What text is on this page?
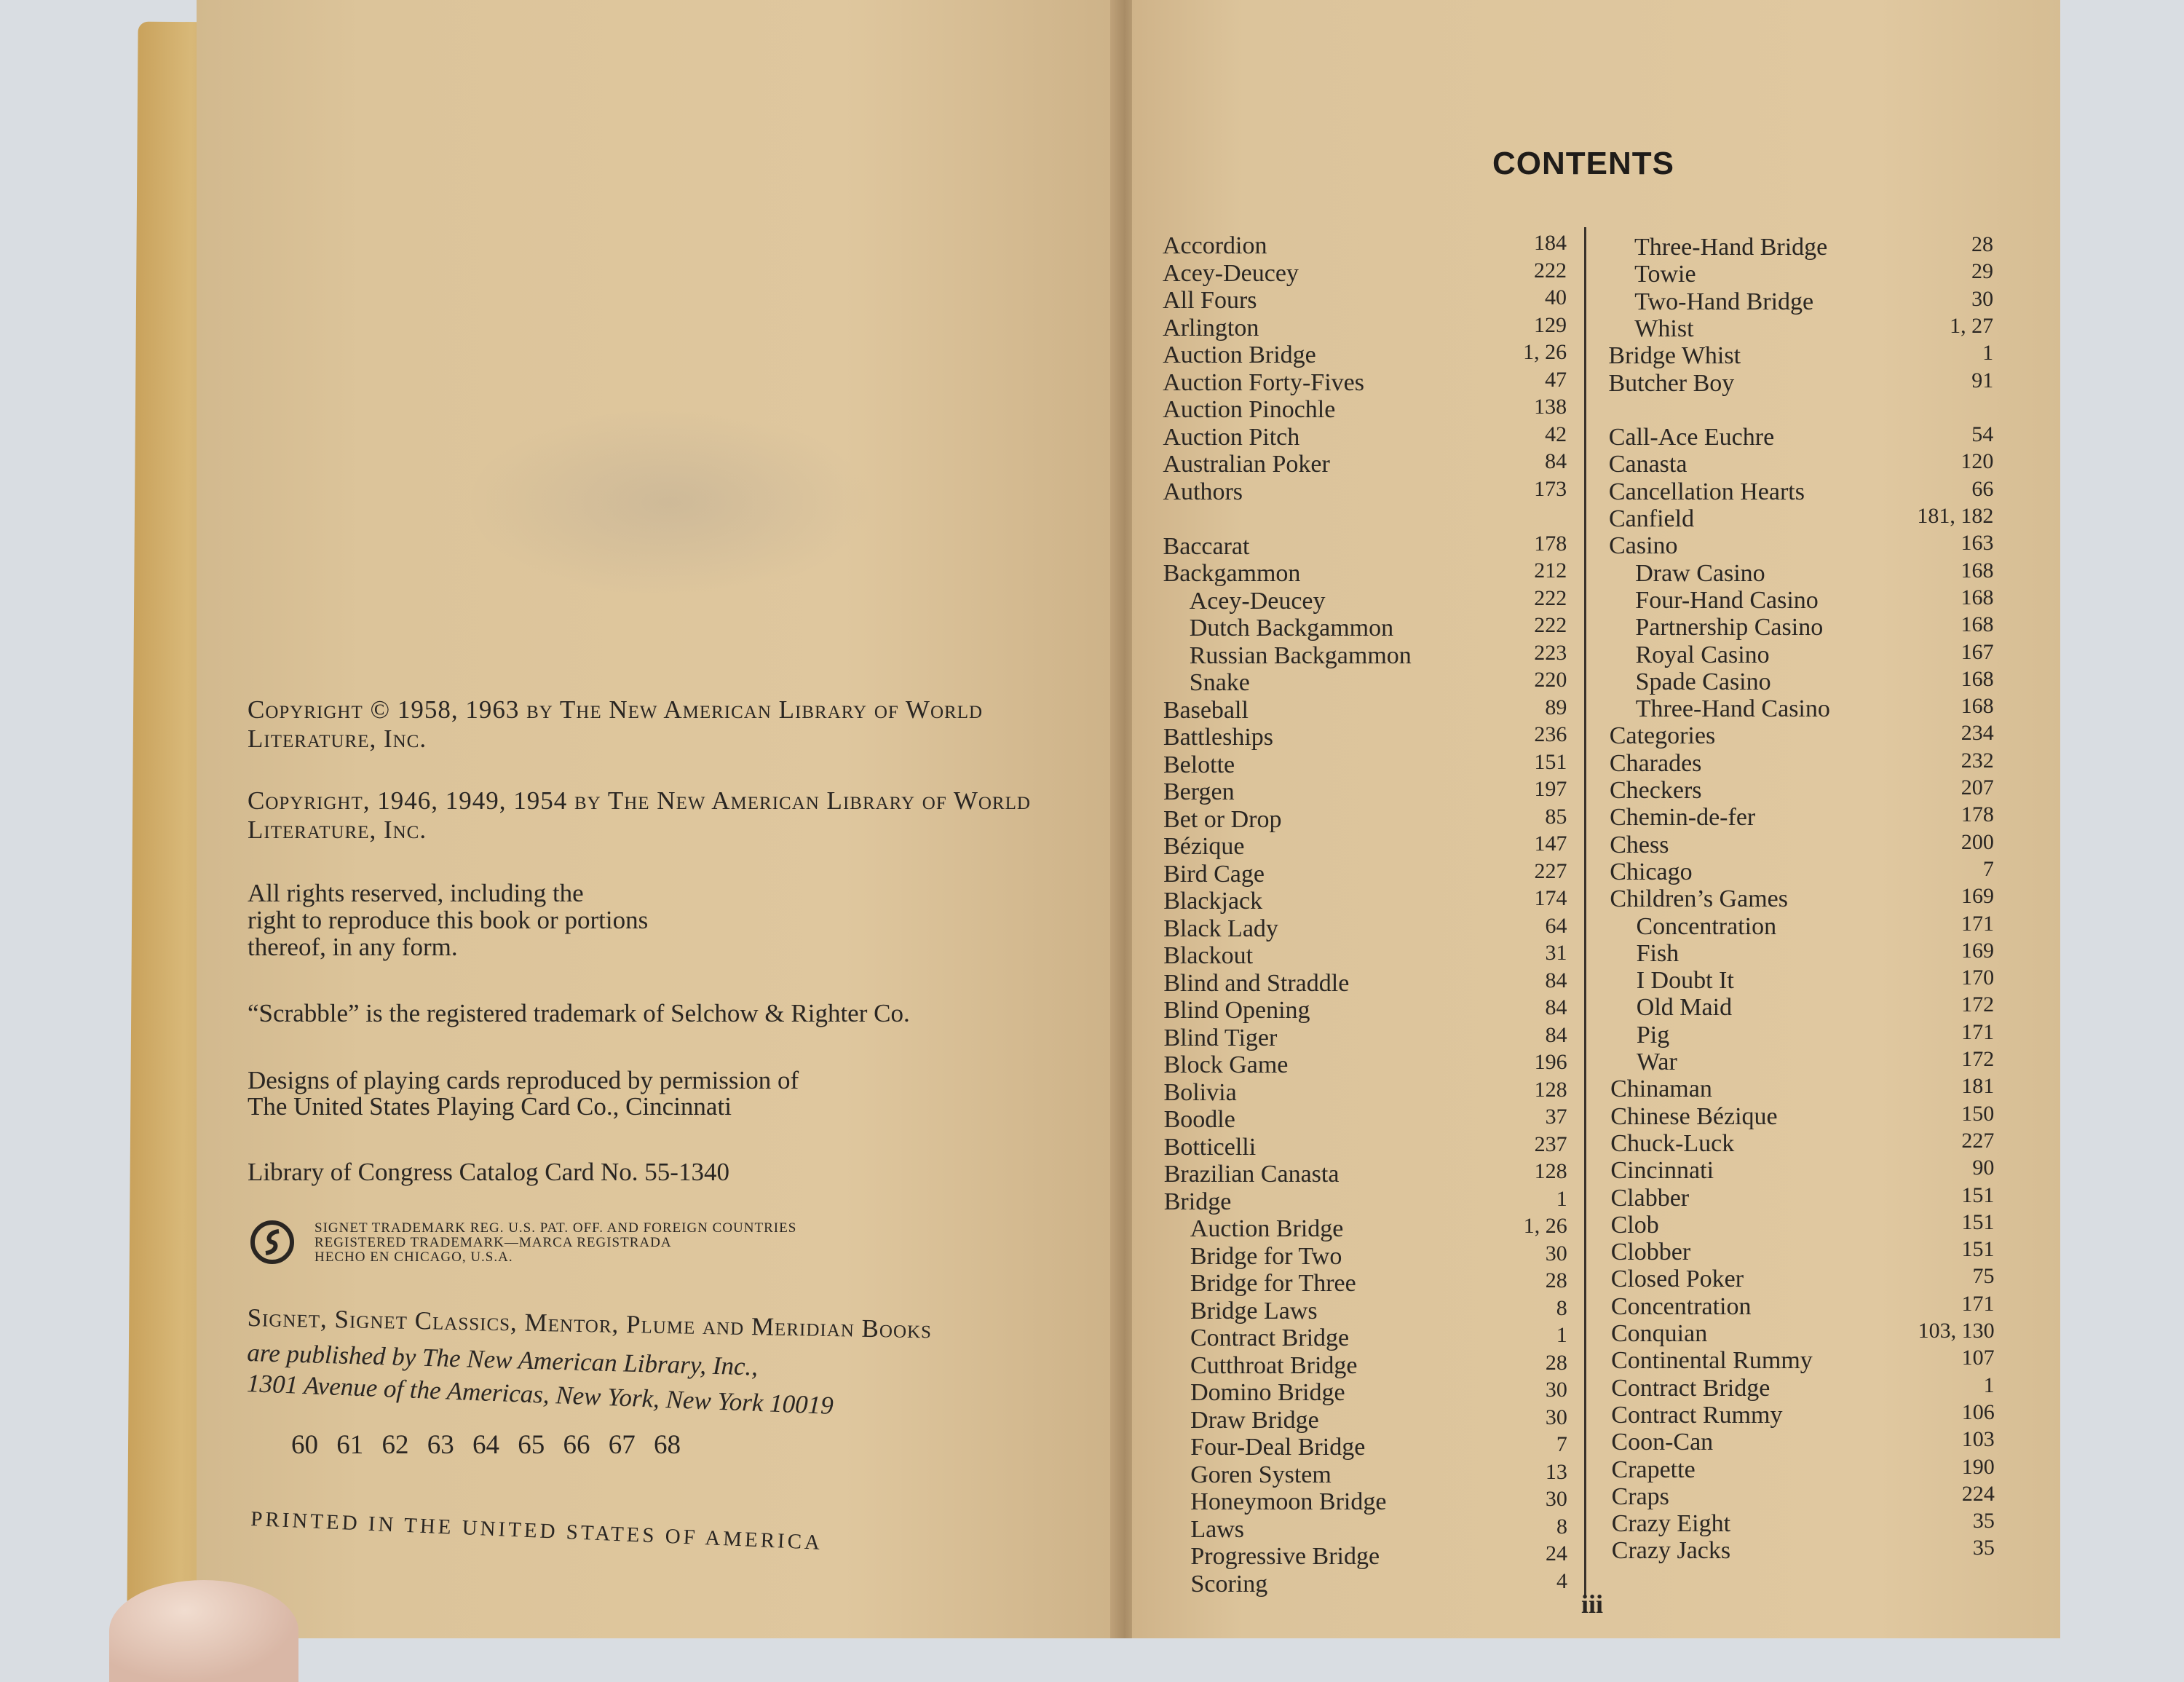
Copyright © 1958, 1963 by The New American Library of World Literature, Inc.
Copyright, 1946, 1949, 1954 by The New American Library of World Literature, Inc.
All rights reserved, including the
right to reproduce this book or portions
thereof, in any form.
“Scrabble” is the registered trademark of Selchow & Righter Co.
Designs of playing cards reproduced by permission of
The United States Playing Card Co., Cincinnati
Library of Congress Catalog Card No. 55-1340
SIGNET TRADEMARK REG. U.S. PAT. OFF. AND FOREIGN COUNTRIES
REGISTERED TRADEMARK—MARCA REGISTRADA
HECHO EN CHICAGO, U.S.A.
Signet, Signet Classics, Mentor, Plume and Meridian Books
are published by The New American Library, Inc.,
1301 Avenue of the Americas, New York, New York 10019
60 61 62 63 64 65 66 67 68
PRINTED IN THE UNITED STATES OF AMERICA
CONTENTS
iii
Accordion	184
Acey-Deucey	222
All Fours	40
Arlington	129
Auction Bridge	1, 26
Auction Forty-Fives	47
Auction Pinochle	138
Auction Pitch	42
Australian Poker	84
Authors	173
Baccarat	178
Backgammon	212
Acey-Deucey	222
Dutch Backgammon	222
Russian Backgammon	223
Snake	220
Baseball	89
Battleships	236
Belotte	151
Bergen	197
Bet or Drop	85
Bézique	147
Bird Cage	227
Blackjack	174
Black Lady	64
Blackout	31
Blind and Straddle	84
Blind Opening	84
Blind Tiger	84
Block Game	196
Bolivia	128
Boodle	37
Botticelli	237
Brazilian Canasta	128
Bridge	1
Auction Bridge	1, 26
Bridge for Two	30
Bridge for Three	28
Bridge Laws	8
Contract Bridge	1
Cutthroat Bridge	28
Domino Bridge	30
Draw Bridge	30
Four-Deal Bridge	7
Goren System	13
Honeymoon Bridge	30
Laws	8
Progressive Bridge	24
Scoring	4
Three-Hand Bridge	28
Towie	29
Two-Hand Bridge	30
Whist	1, 27
Bridge Whist	1
Butcher Boy	91
Call-Ace Euchre	54
Canasta	120
Cancellation Hearts	66
Canfield	181, 182
Casino	163
Draw Casino	168
Four-Hand Casino	168
Partnership Casino	168
Royal Casino	167
Spade Casino	168
Three-Hand Casino	168
Categories	234
Charades	232
Checkers	207
Chemin-de-fer	178
Chess	200
Chicago	7
Children’s Games	169
Concentration	171
Fish	169
I Doubt It	170
Old Maid	172
Pig	171
War	172
Chinaman	181
Chinese Bézique	150
Chuck-Luck	227
Cincinnati	90
Clabber	151
Clob	151
Clobber	151
Closed Poker	75
Concentration	171
Conquian	103, 130
Continental Rummy	107
Contract Bridge	1
Contract Rummy	106
Coon-Can	103
Crapette	190
Craps	224
Crazy Eight	35
Crazy Jacks	35
